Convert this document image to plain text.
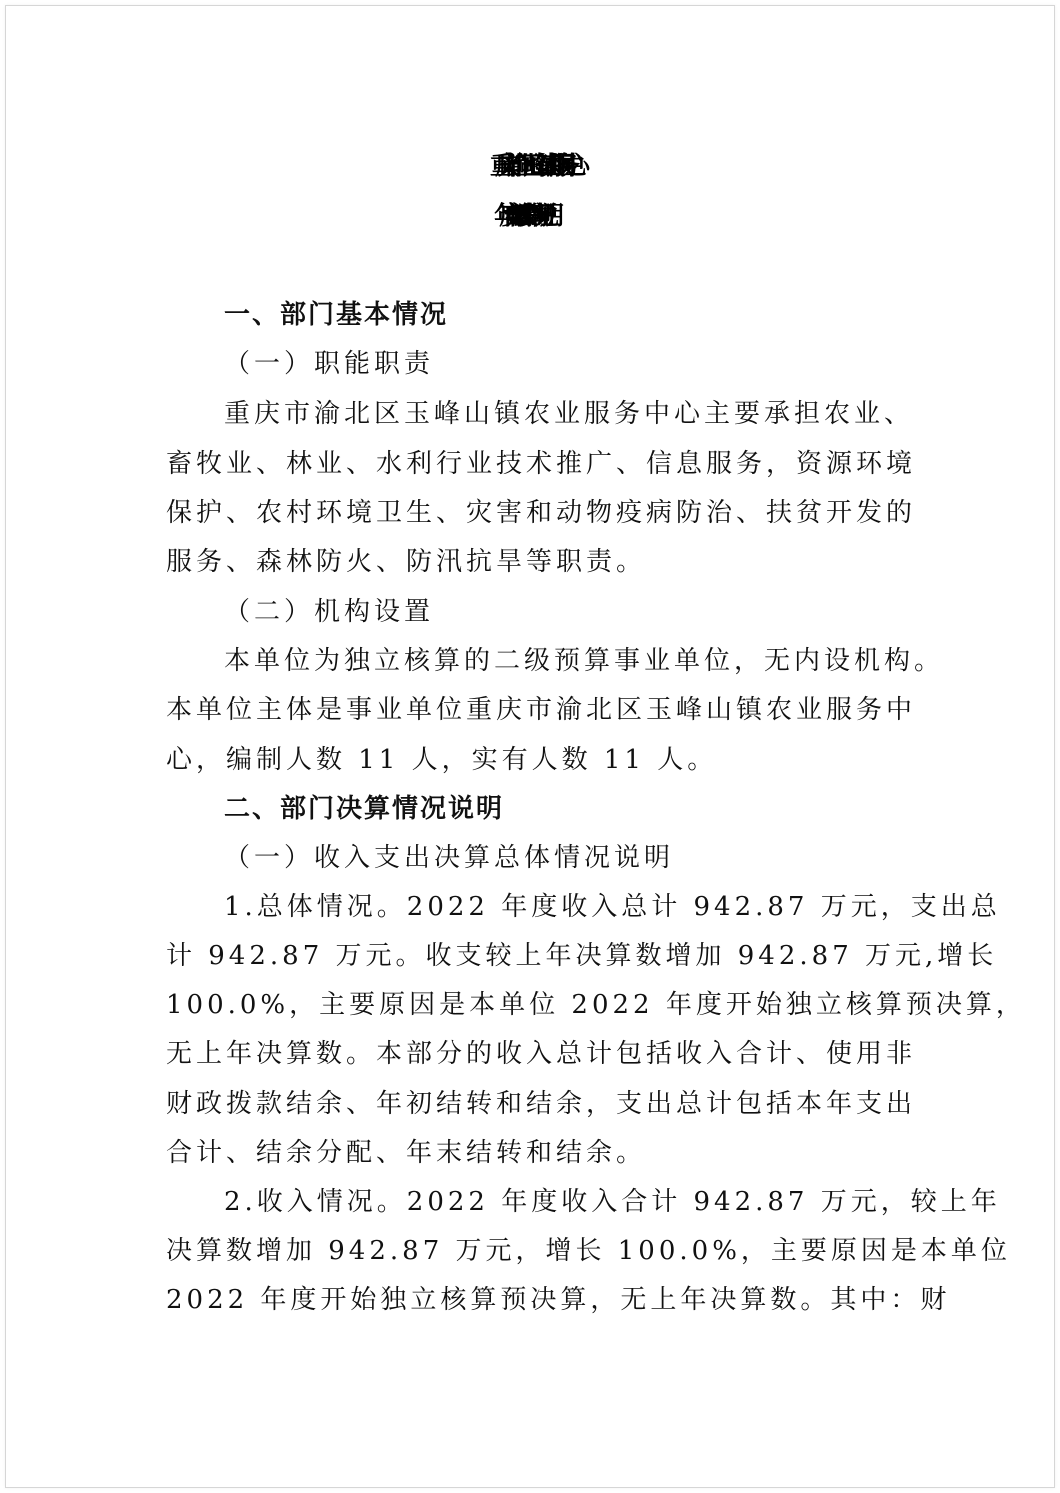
重庆市渝北区玉峰山镇农业服务中心
2022 年度部门决算情况说明
一、部门基本情况
（一）职能职责
重庆市渝北区玉峰山镇农业服务中心主要承担农业、
畜牧业、林业、水利行业技术推广、信息服务，资源环境
保护、农村环境卫生、灾害和动物疫病防治、扶贫开发的
服务、森林防火、防汛抗旱等职责。
（二）机构设置
本单位为独立核算的二级预算事业单位，无内设机构。
本单位主体是事业单位重庆市渝北区玉峰山镇农业服务中
心，编制人数 11 人，实有人数 11 人。
二、部门决算情况说明
（一）收入支出决算总体情况说明
1.总体情况。2022 年度收入总计 942.87 万元，支出总
计 942.87 万元。收支较上年决算数增加 942.87 万元,增长
100.0%，主要原因是本单位 2022 年度开始独立核算预决算，
无上年决算数。本部分的收入总计包括收入合计、使用非
财政拨款结余、年初结转和结余，支出总计包括本年支出
合计、结余分配、年末结转和结余。
2.收入情况。2022 年度收入合计 942.87 万元，较上年
决算数增加 942.87 万元，增长 100.0%，主要原因是本单位
2022 年度开始独立核算预决算，无上年决算数。其中：财
